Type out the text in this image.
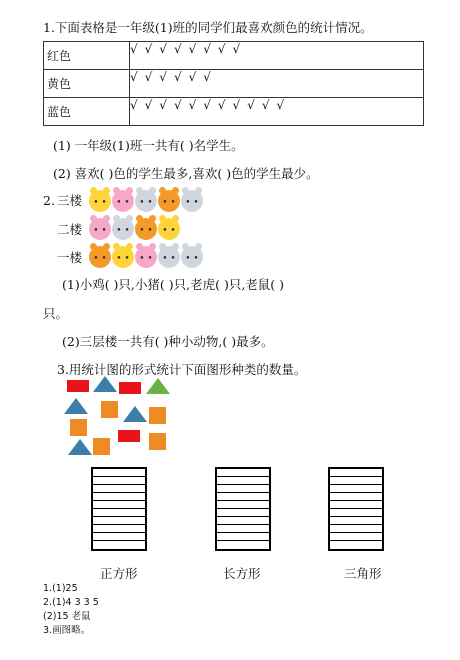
1.下面表格是一年级(1)班的同学们最喜欢颜色的统计情况。
红色	√√√√√√√√
黄色	√√√√√√
蓝色	√√√√√√√√√√√
(1) 一年级(1)班一共有( )名学生。
(2) 喜欢( )色的学生最多,喜欢( )色的学生最少。
2. 三楼
二楼
一楼
• •	• •	• •	• •	• •
• •	• •	• •	• •
• •	• •	• •	• •	• •
(1)小鸡( )只,小猪( )只,老虎( )只,老鼠( )
只。
(2)三层楼一共有( )种小动物,( )最多。
3.用统计图的形式统计下面图形种类的数量。
正方形	长方形	三角形
1.(1)25
2.(1)4 3 3 5
(2)15 老鼠
3.画图略。
